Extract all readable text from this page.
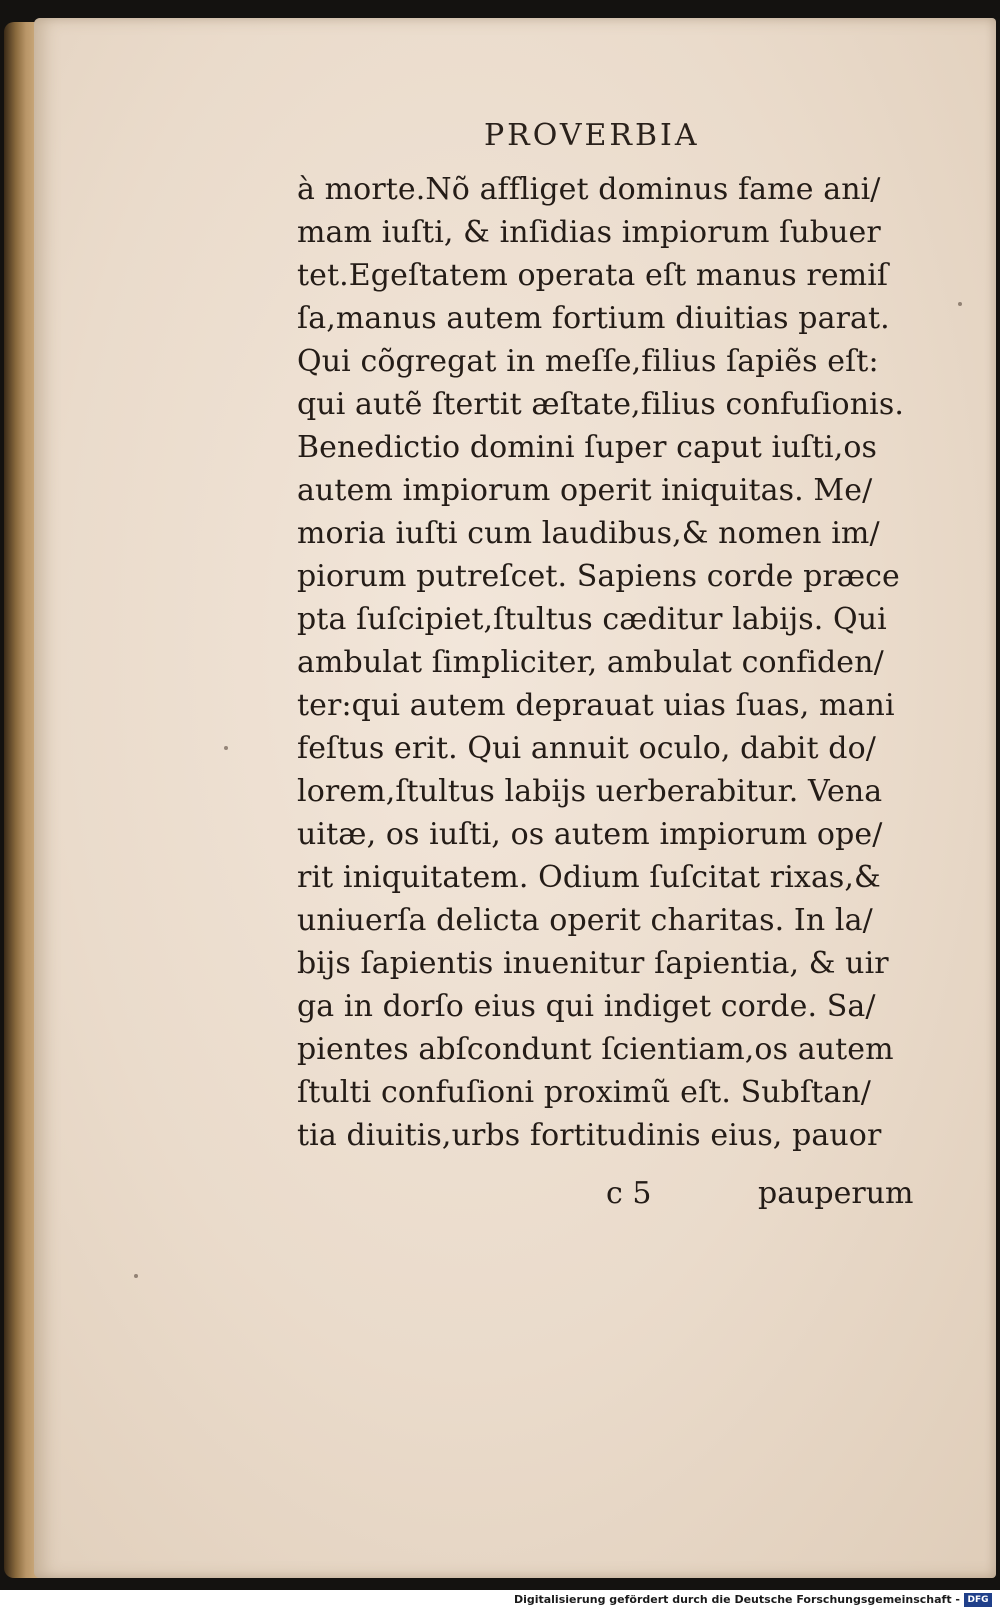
PROVERBIA
à morte.Nõ affliget dominus fame ani/
mam iuſti, & inſidias impiorum ſubuer
tet.Egeſtatem operata eſt manus remiſ
ſa,manus autem fortium diuitias parat.
Qui cõgregat in meſſe,filius ſapiẽs eſt:
qui autẽ ſtertit æſtate,filius confuſionis.
Benedictio domini ſuper caput iuſti,os
autem impiorum operit iniquitas. Me/
moria iuſti cum laudibus,& nomen im/
piorum putreſcet. Sapiens corde præce
pta ſuſcipiet,ſtultus cæditur labijs. Qui
ambulat ſimpliciter, ambulat confiden/
ter:qui autem deprauat uias ſuas, mani
feſtus erit. Qui annuit oculo, dabit do/
lorem,ſtultus labijs uerberabitur. Vena
uitæ, os iuſti, os autem impiorum ope/
rit iniquitatem. Odium ſuſcitat rixas,&
uniuerſa delicta operit charitas. In la/
bijs ſapientis inuenitur ſapientia, & uir
ga in dorſo eius qui indiget corde. Sa/
pientes abſcondunt ſcientiam,os autem
ſtulti confuſioni proximũ eſt. Subſtan/
tia diuitis,urbs fortitudinis eius, pauor
c 5	pauperum
Digitalisierung gefördert durch die Deutsche Forschungsgemeinschaft - DFG
